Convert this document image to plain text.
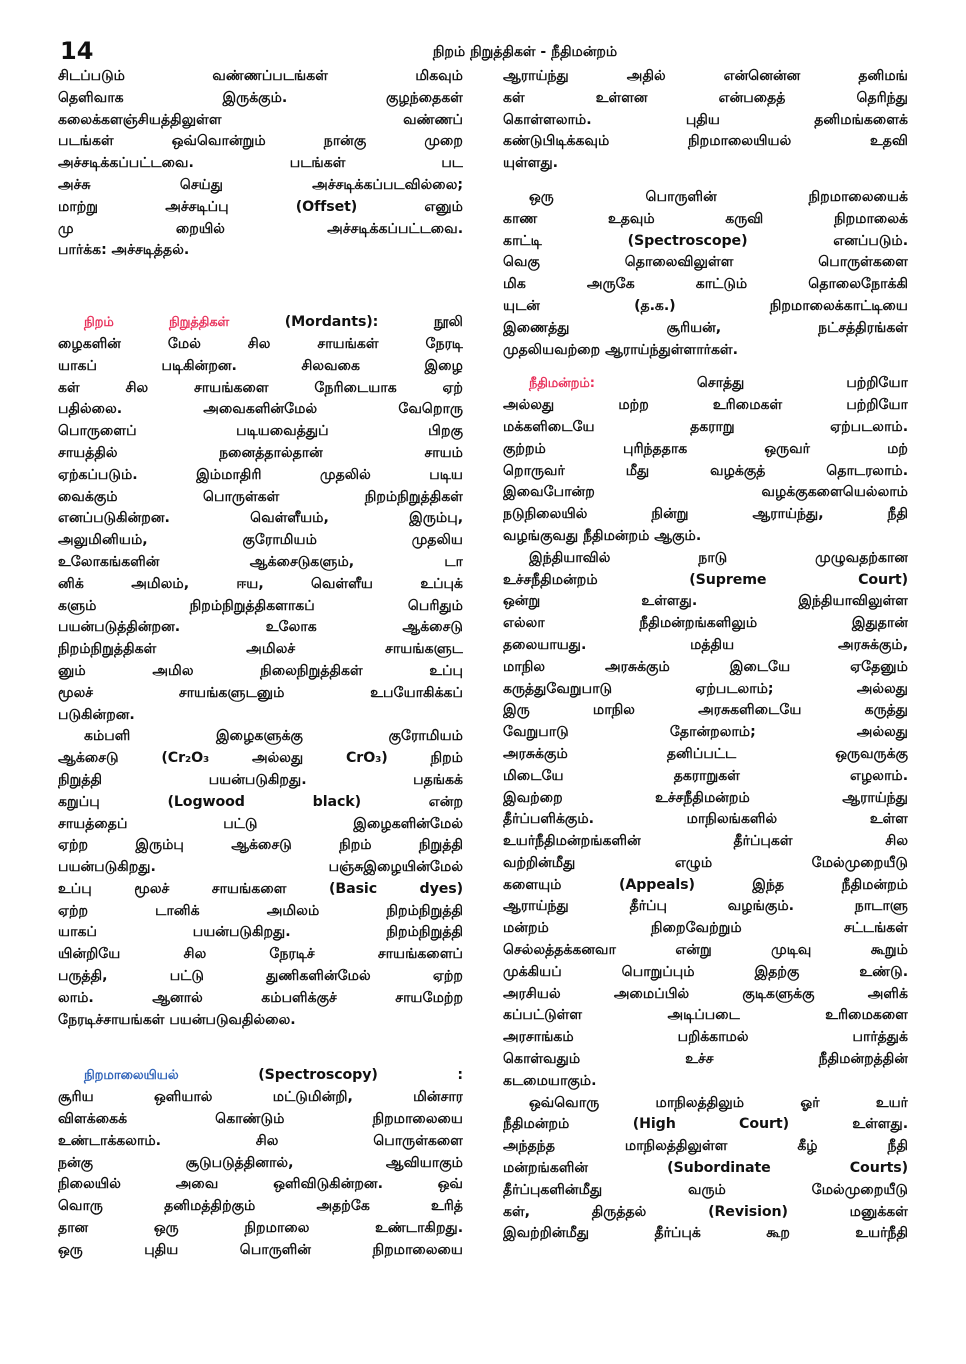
14	நிறம் நிறுத்திகள் - நீதிமன்றம்
சிடப்படும் வண்ணப்படங்கள் மிகவும்
தெளிவாக இருக்கும். குழந்தைகள்
கலைக்களஞ்சியத்திலுள்ள வண்ணப்
படங்கள் ஒவ்வொன்றும் நான்கு முறை
அச்சடிக்கப்பட்டவை. படங்கள் பட
அச்சு செய்து அச்சடிக்கப்படவில்லை;
மாற்று அச்சடிப்பு (Offset) எனும்
மு றையில் அச்சடிக்கப்பட்டவை.
பார்க்க: அச்சடித்தல்.
நிறம் நிறுத்திகள்	(Mordants): நூலி
ழைகளின் மேல் சில சாயங்கள் நேரடி
யாகப் படிகின்றன. சிலவகை இழை
கள் சில சாயங்களை நேரிடையாக ஏற்
பதில்லை. அவைகளின்மேல் வேறொரு
பொருளைப் படியவைத்துப் பிறகு
சாயத்தில் நனைத்தால்தான் சாயம்
ஏற்கப்படும். இம்மாதிரி முதலில் படிய
வைக்கும் பொருள்கள் நிறம்நிறுத்திகள்
எனப்படுகின்றன. வெள்ளீயம், இரும்பு,
அலுமினியம், குரோமியம் முதலிய
உலோகங்களின் ஆக்சைடுகளும், டா
னிக் அமிலம், ஈய, வெள்ளீய உப்புக்
களும் நிறம்நிறுத்திகளாகப் பெரிதும்
பயன்படுத்தின்றன. உலோக ஆக்சைடு
நிறம்நிறுத்திகள் அமிலச் சாயங்களுட
னும் அமில நிலைநிறுத்திகள் உப்பு
மூலச் சாயங்களுடனும் உபயோகிக்கப்
படுகின்றன.
கம்பளி இழைகளுக்கு குரோமியம்
ஆக்சைடு (Cr₂O₃ அல்லது CrO₃) நிறம்
நிறுத்தி பயன்படுகிறது. பதங்கக்
கறுப்பு (Logwood black) என்ற
சாயத்தைப் பட்டு இழைகளின்மேல்
ஏற்ற இரும்பு ஆக்சைடு நிறம் நிறுத்தி
பயன்படுகிறது. பஞ்சுஇழையின்மேல்
உப்பு மூலச் சாயங்களை (Basic dyes)
ஏற்ற டானிக் அமிலம் நிறம்நிறுத்தி
யாகப் பயன்படுகிறது. நிறம்நிறுத்தி
யின்றியே சில நேரடிச் சாயங்களைப்
பருத்தி, பட்டு துணிகளின்மேல் ஏற்ற
லாம். ஆனால் கம்பளிக்குச் சாயமேற்ற
நேரடிச்சாயங்கள் பயன்படுவதில்லை.
நிறமாலையியல்	(Spectroscopy) :
சூரிய ஒளியால் மட்டுமின்றி, மின்சார
விளக்கைக் கொண்டும் நிறமாலையை
உண்டாக்கலாம். சில பொருள்களை
நன்கு சூடுபடுத்தினால், ஆவியாகும்
நிலையில் அவை ஒளிவிடுகின்றன. ஒவ்
வொரு தனிமத்திற்கும் அதற்கே உரித்
தான ஒரு நிறமாலை உண்டாகிறது.
ஒரு புதிய பொருளின் நிறமாலையை
ஆராய்ந்து அதில் என்னென்ன தனிமங்
கள் உள்ளன என்பதைத் தெரிந்து
கொள்ளலாம். புதிய தனிமங்களைக்
கண்டுபிடிக்கவும் நிறமாலையியல் உதவி
யுள்ளது.
ஒரு பொருளின் நிறமாலையைக்
காண உதவும் கருவி நிறமாலைக்
காட்டி (Spectroscope) எனப்படும்.
வெகு தொலைவிலுள்ள பொருள்களை
மிக அருகே காட்டும் தொலைநோக்கி
யுடன் (த.க.) நிறமாலைக்காட்டியை
இணைத்து சூரியன், நட்சத்திரங்கள்
முதலியவற்றை ஆராய்ந்துள்ளார்கள்.
நீதிமன்றம்:	சொத்து பற்றியோ
அல்லது மற்ற உரிமைகள் பற்றியோ
மக்களிடையே தகராறு ஏற்படலாம்.
குற்றம் புரிந்ததாக ஒருவர் மற்
றொருவர் மீது வழக்குத் தொடரலாம்.
இவைபோன்ற வழக்குகளையெல்லாம்
நடுநிலையில் நின்று ஆராய்ந்து, நீதி
வழங்குவது நீதிமன்றம் ஆகும்.
இந்தியாவில் நாடு முழுவதற்கான
உச்சநீதிமன்றம் (Supreme Court)
ஒன்று உள்ளது. இந்தியாவிலுள்ள
எல்லா நீதிமன்றங்களிலும் இதுதான்
தலையாயது. மத்திய அரசுக்கும்,
மாநில அரசுக்கும் இடையே ஏதேனும்
கருத்துவேறுபாடு ஏற்படலாம்; அல்லது
இரு மாநில அரசுகளிடையே கருத்து
வேறுபாடு தோன்றலாம்; அல்லது
அரசுக்கும் தனிப்பட்ட ஒருவருக்கு
மிடையே தகராறுகள் எழலாம்.
இவற்றை உச்சநீதிமன்றம் ஆராய்ந்து
தீர்ப்பளிக்கும். மாநிலங்களில் உள்ள
உயர்நீதிமன்றங்களின் தீர்ப்புகள் சில
வற்றின்மீது எழும் மேல்முறையீடு
களையும் (Appeals) இந்த நீதிமன்றம்
ஆராய்ந்து தீர்ப்பு வழங்கும். நாடாளு
மன்றம் நிறைவேற்றும் சட்டங்கள்
செல்லத்தக்கனவா என்று முடிவு கூறும்
முக்கியப் பொறுப்பும் இதற்கு உண்டு.
அரசியல் அமைப்பில் குடிகளுக்கு அளிக்
கப்பட்டுள்ள அடிப்படை உரிமைகளை
அரசாங்கம் பறிக்காமல் பார்த்துக்
கொள்வதும் உச்ச நீதிமன்றத்தின்
கடமையாகும்.
ஒவ்வொரு மாநிலத்திலும் ஓர் உயர்
நீதிமன்றம் (High Court) உள்ளது.
அந்தந்த மாநிலத்திலுள்ள கீழ் நீதி
மன்றங்களின் (Subordinate Courts)
தீர்ப்புகளின்மீது வரும் மேல்முறையீடு
கள், திருத்தல் (Revision) மனுக்கள்
இவற்றின்மீது தீர்ப்புக் கூற உயர்நீதி
